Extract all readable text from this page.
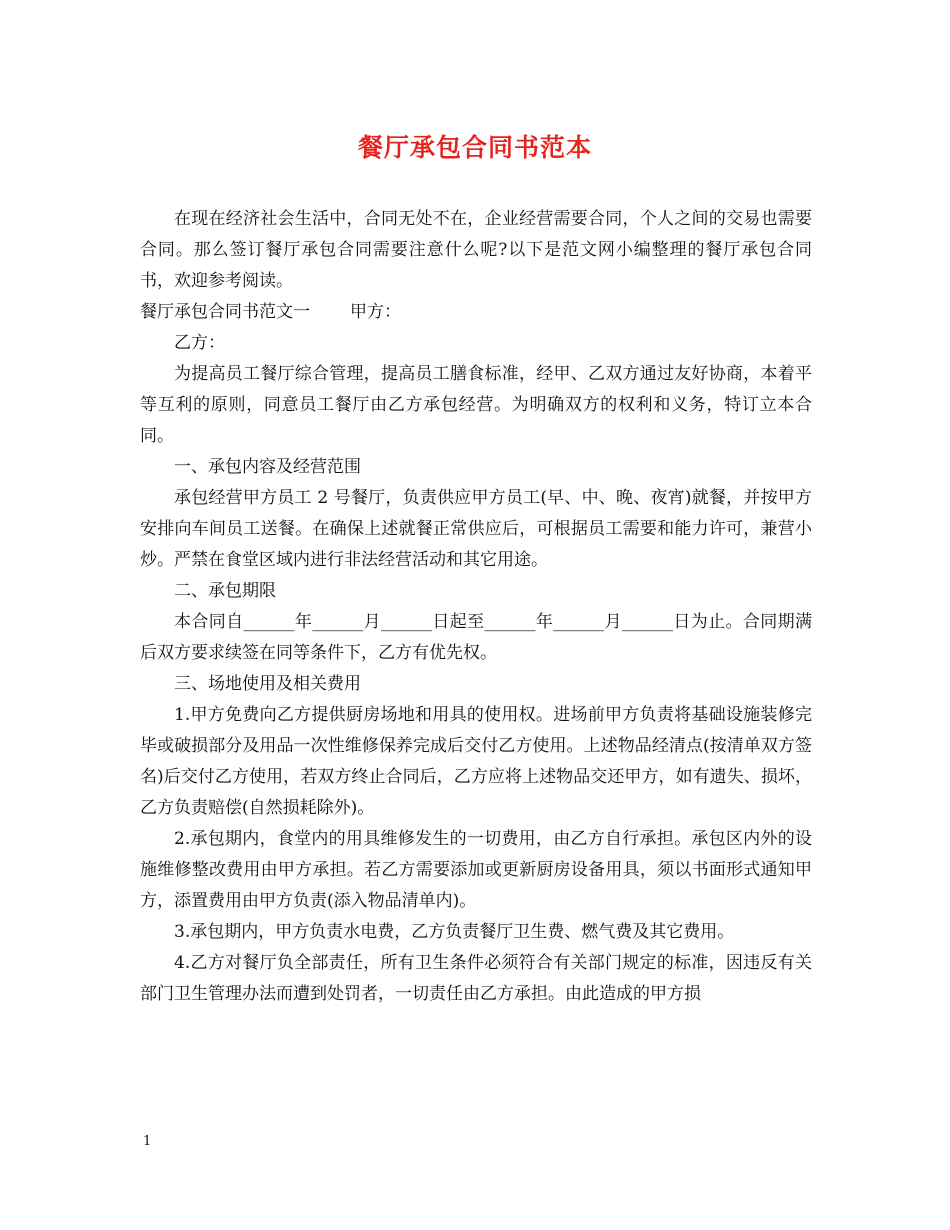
餐厅承包合同书范本

在现在经济社会生活中，合同无处不在，企业经营需要合同，个人之间的交易也需要合同。那么签订餐厅承包合同需要注意什么呢?以下是范文网小编整理的餐厅承包合同书，欢迎参考阅读。

餐厅承包合同书范文一 甲方：

乙方：

为提高员工餐厅综合管理，提高员工膳食标准，经甲、乙双方通过友好协商，本着平等互利的原则，同意员工餐厅由乙方承包经营。为明确双方的权利和义务，特订立本合同。

一、承包内容及经营范围

承包经营甲方员工 2 号餐厅，负责供应甲方员工(早、中、晚、夜宵)就餐，并按甲方安排向车间员工送餐。在确保上述就餐正常供应后，可根据员工需要和能力许可，兼营小炒。严禁在食堂区域内进行非法经营活动和其它用途。

二、承包期限

本合同自______年______月______日起至______年______月______日为止。合同期满后双方要求续签在同等条件下，乙方有优先权。

三、场地使用及相关费用

1.甲方免费向乙方提供厨房场地和用具的使用权。进场前甲方负责将基础设施装修完毕或破损部分及用品一次性维修保养完成后交付乙方使用。上述物品经清点(按清单双方签名)后交付乙方使用，若双方终止合同后，乙方应将上述物品交还甲方，如有遗失、损坏，乙方负责赔偿(自然损耗除外)。

2.承包期内，食堂内的用具维修发生的一切费用，由乙方自行承担。承包区内外的设施维修整改费用由甲方承担。若乙方需要添加或更新厨房设备用具，须以书面形式通知甲方，添置费用由甲方负责(添入物品清单内)。

3.承包期内，甲方负责水电费，乙方负责餐厅卫生费、燃气费及其它费用。

4.乙方对餐厅负全部责任，所有卫生条件必须符合有关部门规定的标准，因违反有关部门卫生管理办法而遭到处罚者，一切责任由乙方承担。由此造成的甲方损

1
